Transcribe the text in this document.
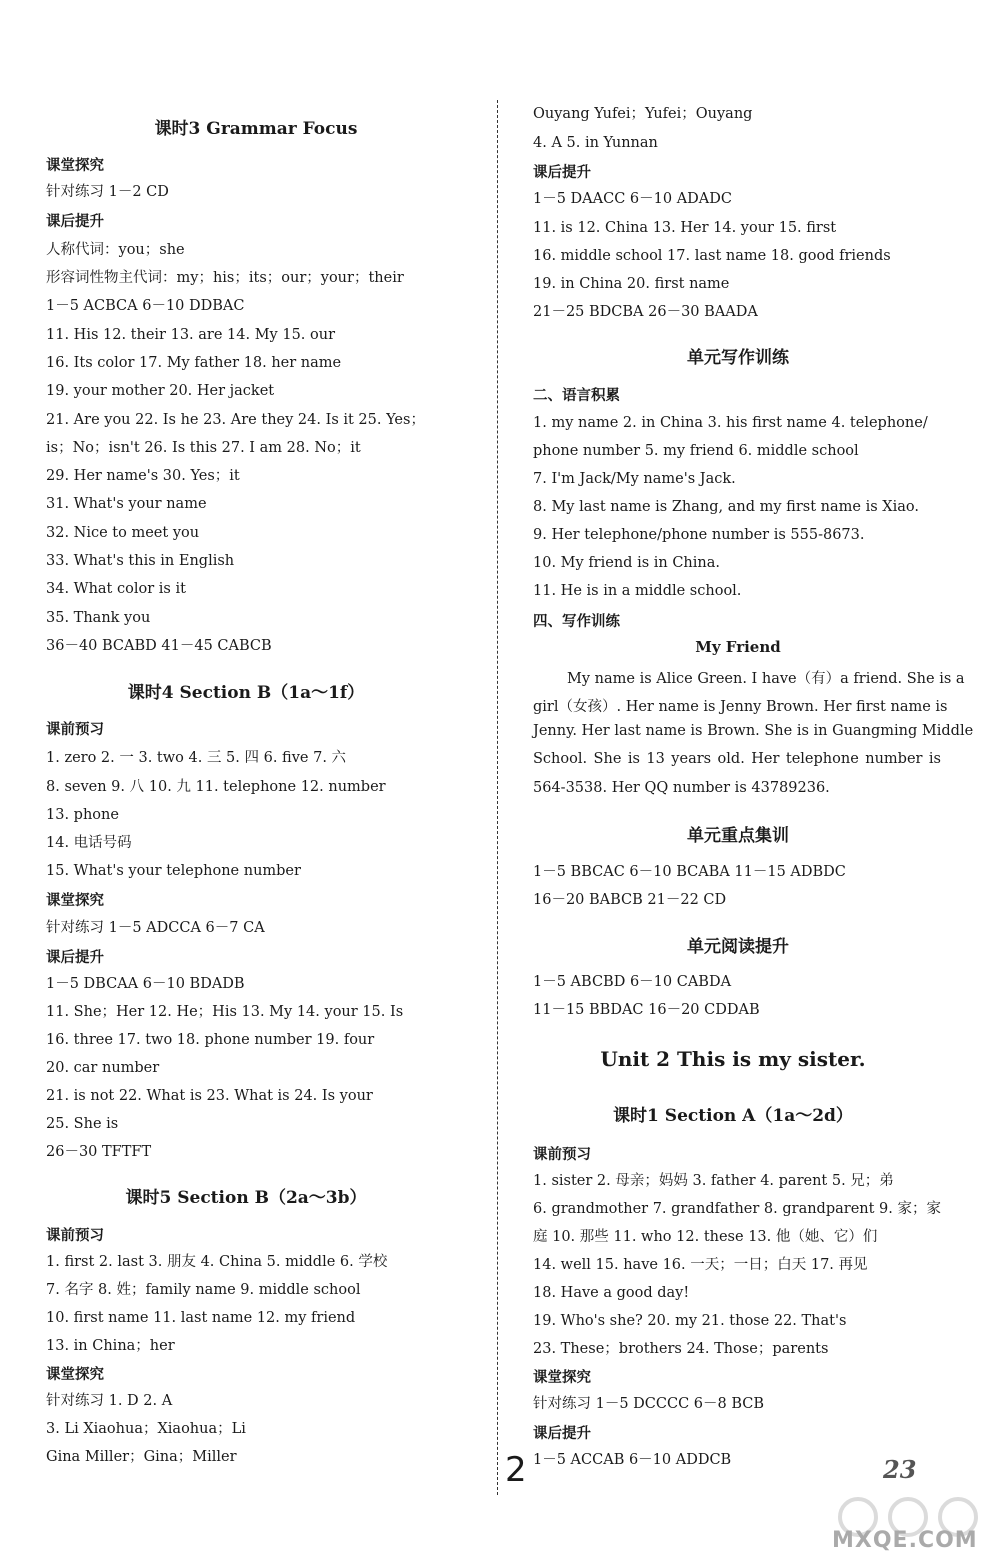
课时3 Grammar Focus
课堂探究
针对练习 1－2 CD
课后提升
人称代词：you；she
形容词性物主代词：my；his；its；our；your；their
1－5 ACBCA 6－10 DDBAC
11. His 12. their 13. are 14. My 15. our
16. Its color 17. My father 18. her name
19. your mother 20. Her jacket
21. Are you 22. Is he 23. Are they 24. Is it 25. Yes；
is；No；isn't 26. Is this 27. I am 28. No；it
29. Her name's 30. Yes；it
31. What's your name
32. Nice to meet you
33. What's this in English
34. What color is it
35. Thank you
36－40 BCABD 41－45 CABCB
课时4 Section B（1a～1f）
课前预习
1. zero 2. 一 3. two 4. 三 5. 四 6. five 7. 六
8. seven 9. 八 10. 九 11. telephone 12. number
13. phone
14. 电话号码
15. What's your telephone number
课堂探究
针对练习 1－5 ADCCA 6－7 CA
课后提升
1－5 DBCAA 6－10 BDADB
11. She；Her 12. He；His 13. My 14. your 15. Is
16. three 17. two 18. phone number 19. four
20. car number
21. is not 22. What is 23. What is 24. Is your
25. She is
26－30 TFTFT
课时5 Section B（2a～3b）
课前预习
1. first 2. last 3. 朋友 4. China 5. middle 6. 学校
7. 名字 8. 姓；family name 9. middle school
10. first name 11. last name 12. my friend
13. in China；her
课堂探究
针对练习 1. D 2. A
3. Li Xiaohua；Xiaohua；Li
Gina Miller；Gina；Miller
Ouyang Yufei；Yufei；Ouyang
4. A 5. in Yunnan
课后提升
1－5 DAACC 6－10 ADADC
11. is 12. China 13. Her 14. your 15. first
16. middle school 17. last name 18. good friends
19. in China 20. first name
21－25 BDCBA 26－30 BAADA
单元写作训练
二、语言积累
1. my name 2. in China 3. his first name 4. telephone/
phone number 5. my friend 6. middle school
7. I'm Jack/My name's Jack.
8. My last name is Zhang, and my first name is Xiao.
9. Her telephone/phone number is 555-8673.
10. My friend is in China.
11. He is in a middle school.
四、写作训练
My Friend
My name is Alice Green. I have（有）a friend. She is a
girl（女孩）. Her name is Jenny Brown. Her first name is
Jenny. Her last name is Brown. She is in Guangming Middle
School. She is 13 years old. Her telephone number is
564-3538. Her QQ number is 43789236.
单元重点集训
1－5 BBCAC 6－10 BCABA 11－15 ADBDC
16－20 BABCB 21－22 CD
单元阅读提升
1－5 ABCBD 6－10 CABDA
11－15 BBDAC 16－20 CDDAB
Unit 2 This is my sister.
课时1 Section A（1a～2d）
课前预习
1. sister 2. 母亲；妈妈 3. father 4. parent 5. 兄；弟
6. grandmother 7. grandfather 8. grandparent 9. 家；家
庭 10. 那些 11. who 12. these 13. 他（她、它）们
14. well 15. have 16. 一天；一日；白天 17. 再见
18. Have a good day!
19. Who's she? 20. my 21. those 22. That's
23. These；brothers 24. Those；parents
课堂探究
针对练习 1－5 DCCCC 6－8 BCB
课后提升
1－5 ACCAB 6－10 ADDCB
2	23
MXQE.COM
